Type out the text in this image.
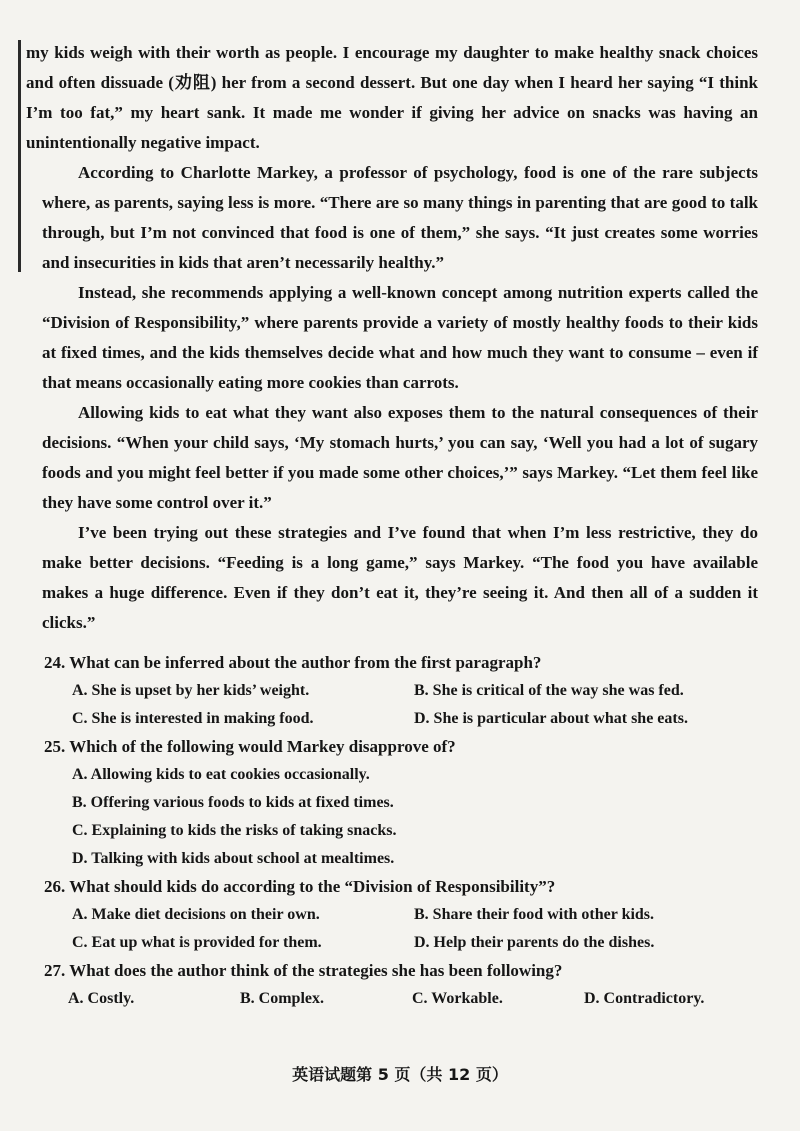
my kids weigh with their worth as people. I encourage my daughter to make healthy snack choices and often dissuade (劝阻) her from a second dessert. But one day when I heard her saying “I think I’m too fat,” my heart sank. It made me wonder if giving her advice on snacks was having an unintentionally negative impact.

According to Charlotte Markey, a professor of psychology, food is one of the rare subjects where, as parents, saying less is more. “There are so many things in parenting that are good to talk through, but I’m not convinced that food is one of them,” she says. “It just creates some worries and insecurities in kids that aren’t necessarily healthy.”

Instead, she recommends applying a well-known concept among nutrition experts called the “Division of Responsibility,” where parents provide a variety of mostly healthy foods to their kids at fixed times, and the kids themselves decide what and how much they want to consume – even if that means occasionally eating more cookies than carrots.

Allowing kids to eat what they want also exposes them to the natural consequences of their decisions. “When your child says, ‘My stomach hurts,’ you can say, ‘Well you had a lot of sugary foods and you might feel better if you made some other choices,’” says Markey. “Let them feel like they have some control over it.”

I’ve been trying out these strategies and I’ve found that when I’m less restrictive, they do make better decisions. “Feeding is a long game,” says Markey. “The food you have available makes a huge difference. Even if they don’t eat it, they’re seeing it. And then all of a sudden it clicks.”

24. What can be inferred about the author from the first paragraph?
A. She is upset by her kids’ weight.	B. She is critical of the way she was fed.
C. She is interested in making food.	D. She is particular about what she eats.
25. Which of the following would Markey disapprove of?
A. Allowing kids to eat cookies occasionally.
B. Offering various foods to kids at fixed times.
C. Explaining to kids the risks of taking snacks.
D. Talking with kids about school at mealtimes.
26. What should kids do according to the “Division of Responsibility”?
A. Make diet decisions on their own.	B. Share their food with other kids.
C. Eat up what is provided for them.	D. Help their parents do the dishes.
27. What does the author think of the strategies she has been following?
A. Costly.	B. Complex.	C. Workable.	D. Contradictory.
英语试题第 5 页（共 12 页）
